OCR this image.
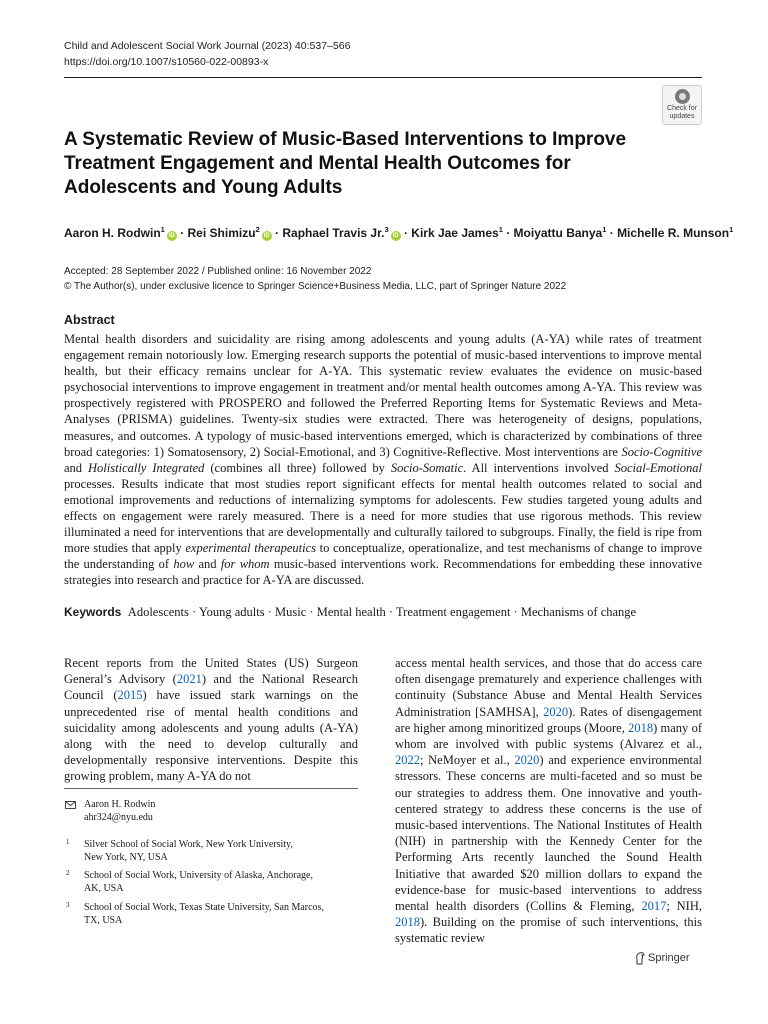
Child and Adolescent Social Work Journal (2023) 40:537–566
https://doi.org/10.1007/s10560-022-00893-x
Check for
updates
A Systematic Review of Music-Based Interventions to Improve Treatment Engagement and Mental Health Outcomes for Adolescents and Young Adults
Aaron H. Rodwin$^1$iD · Rei Shimizu$^2$iD · Raphael Travis Jr.$^3$iD · Kirk Jae James$^1$ · Moiyattu Banya$^1$ · Michelle R. Munson$^1$
Accepted: 28 September 2022 / Published online: 16 November 2022
© The Author(s), under exclusive licence to Springer Science+Business Media, LLC, part of Springer Nature 2022
Abstract

Mental health disorders and suicidality are rising among adolescents and young adults (A-YA) while rates of treatment engagement remain notoriously low. Emerging research supports the potential of music-based interventions to improve mental health, but their efficacy remains unclear for A-YA. This systematic review evaluates the evidence on music-based psychosocial interventions to improve engagement in treatment and/or mental health outcomes among A-YA. This review was prospectively registered with PROSPERO and followed the Preferred Reporting Items for Systematic Reviews and Meta-Analyses (PRISMA) guidelines. Twenty-six studies were extracted. There was heterogeneity of designs, populations, measures, and outcomes. A typology of music-based interventions emerged, which is characterized by combinations of three broad categories: 1) Somatosensory, 2) Social-Emotional, and 3) Cognitive-Reflective. Most interventions are Socio-Cognitive and Holistically Integrated (combines all three) followed by Socio-Somatic. All interventions involved Social-Emotional processes. Results indicate that most studies report significant effects for mental health outcomes related to social and emotional improvements and reductions of internalizing symptoms for adolescents. Few studies targeted young adults and effects on engagement were rarely measured. There is a need for more studies that use rigorous methods. This review illuminated a need for interventions that are developmentally and culturally tailored to subgroups. Finally, the field is ripe from more studies that apply experimental therapeutics to conceptualize, operationalize, and test mechanisms of change to improve the understanding of how and for whom music-based interventions work. Recommendations for embedding these innovative strategies into research and practice for A-YA are discussed.

Keywords Adolescents · Young adults · Music · Mental health · Treatment engagement · Mechanisms of change

Recent reports from the United States (US) Surgeon General’s Advisory (2021) and the National Research Council (2015) have issued stark warnings on the unprecedented rise of mental health conditions and suicidality among adolescents and young adults (A-YA) along with the need to develop culturally and developmentally responsive interventions. Despite this growing problem, many A-YA do not

access mental health services, and those that do access care often disengage prematurely and experience challenges with continuity (Substance Abuse and Mental Health Services Administration [SAMHSA], 2020). Rates of disengagement are higher among minoritized groups (Moore, 2018) many of whom are involved with public systems (Alvarez et al., 2022; NeMoyer et al., 2020) and experience environmental stressors. These concerns are multi-faceted and so must be our strategies to address them. One innovative and youth-centered strategy to address these concerns is the use of music-based interventions. The National Institutes of Health (NIH) in partnership with the Kennedy Center for the Performing Arts recently launched the Sound Health Initiative that awarded $20 million dollars to expand the evidence-base for music-based interventions to address mental health disorders (Collins & Fleming, 2017; NIH, 2018). Building on the promise of such interventions, this systematic review

Aaron H. Rodwin
ahr324@nyu.edu
1 Silver School of Social Work, New York University,
New York, NY, USA
2 School of Social Work, University of Alaska, Anchorage,
AK, USA
3 School of Social Work, Texas State University, San Marcos,
TX, USA
Springer
